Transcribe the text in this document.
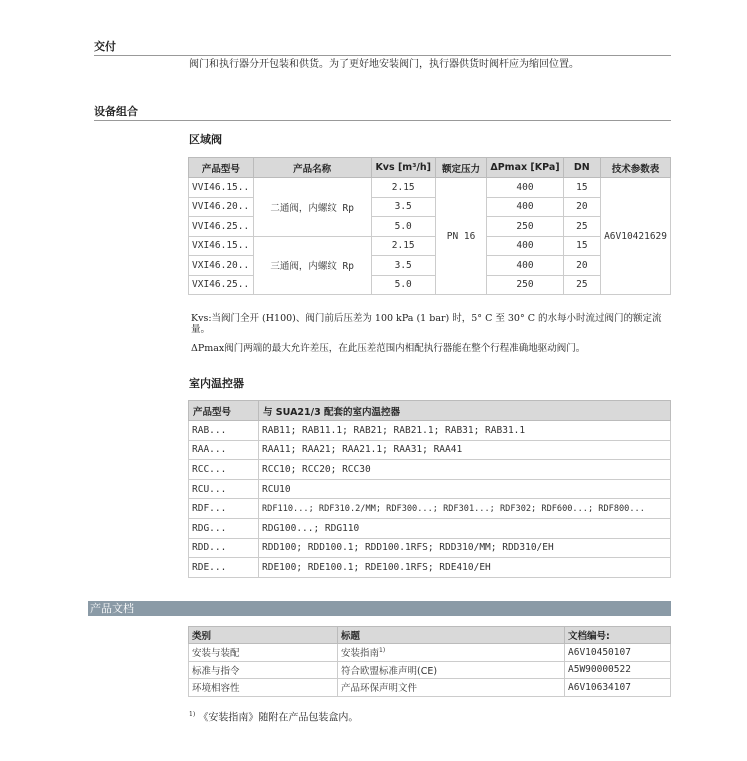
交付
阀门和执行器分开包装和供货。为了更好地安装阀门，执行器供货时阀杆应为缩回位置。
设备组合
区域阀
产品型号	产品名称	Kvs [m³/h]	额定压力	ΔPmax [KPa]	DN	技术参数表
VVI46.15..	二通阀，内螺纹 Rp	2.15	PN 16	400	15	A6V10421629
VVI46.20..		3.5		400	20	
VVI46.25..		5.0		250	25	
VXI46.15..	三通阀，内螺纹 Rp	2.15		400	15	
VXI46.20..		3.5		400	20	
VXI46.25..		5.0		250	25	
Kvs:当阀门全开 (H100)、阀门前后压差为 100 kPa (1 bar) 时，5° C 至 30° C 的水每小时流过阀门的额定流量。
ΔPmax阀门两端的最大允许差压，在此压差范围内相配执行器能在整个行程准确地驱动阀门。
室内温控器
产品型号	与 SUA21/3 配套的室内温控器
RAB...	RAB11; RAB11.1; RAB21; RAB21.1; RAB31; RAB31.1
RAA...	RAA11; RAA21; RAA21.1; RAA31; RAA41
RCC...	RCC10; RCC20; RCC30
RCU...	RCU10
RDF...	RDF110...; RDF310.2/MM; RDF300...; RDF301...; RDF302; RDF600...; RDF800...
RDG...	RDG100...; RDG110
RDD...	RDD100; RDD100.1; RDD100.1RFS; RDD310/MM; RDD310/EH
RDE...	RDE100; RDE100.1; RDE100.1RFS; RDE410/EH
产品文档
类别	标题	文档编号:
安装与装配	安装指南$^{1)}$	A6V10450107
标准与指令	符合欧盟标准声明(CE)	A5W90000522
环境相容性	产品环保声明文件	A6V10634107
$^{1)}$ 《安装指南》随附在产品包装盒内。
